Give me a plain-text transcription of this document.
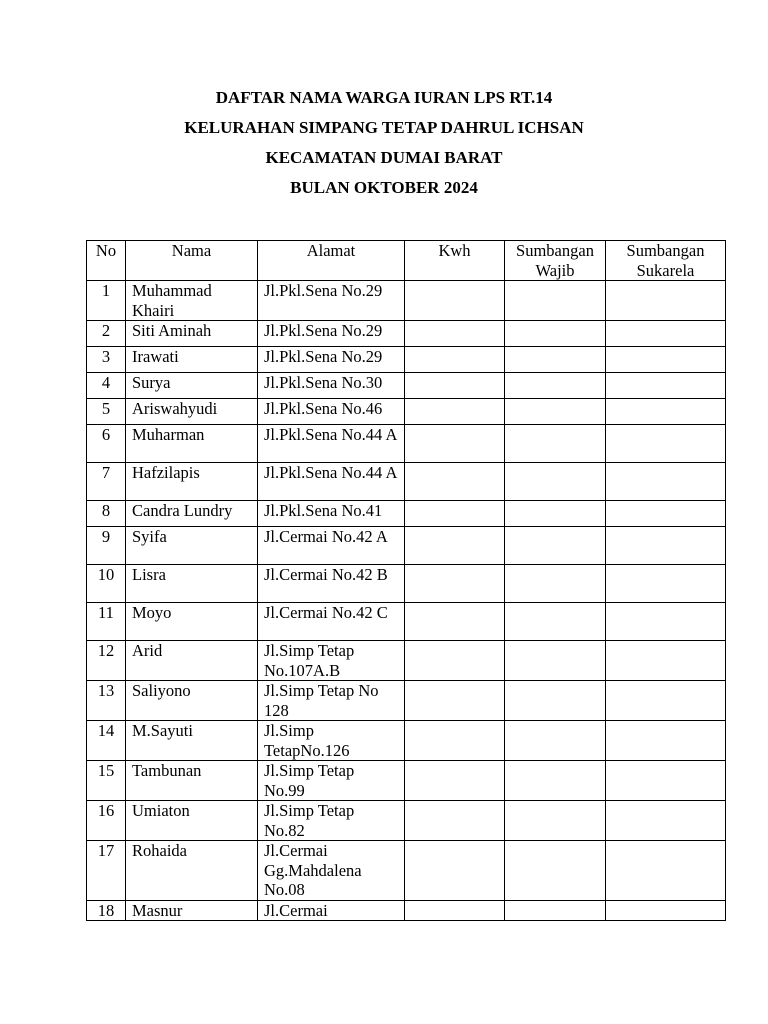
DAFTAR NAMA WARGA IURAN LPS RT.14
KELURAHAN SIMPANG TETAP DAHRUL ICHSAN
KECAMATAN DUMAI BARAT
BULAN OKTOBER 2024
No	Nama	Alamat	Kwh	Sumbangan Wajib	Sumbangan Sukarela
1	Muhammad Khairi	Jl.Pkl.Sena No.29			
2	Siti Aminah	Jl.Pkl.Sena No.29			
3	Irawati	Jl.Pkl.Sena No.29			
4	Surya	Jl.Pkl.Sena No.30			
5	Ariswahyudi	Jl.Pkl.Sena No.46			
6	Muharman	Jl.Pkl.Sena No.44 A			
7	Hafzilapis	Jl.Pkl.Sena No.44 A			
8	Candra Lundry	Jl.Pkl.Sena No.41			
9	Syifa	Jl.Cermai No.42 A			
10	Lisra	Jl.Cermai No.42 B			
11	Moyo	Jl.Cermai No.42 C			
12	Arid	Jl.Simp Tetap No.107A.B			
13	Saliyono	Jl.Simp Tetap No 128			
14	M.Sayuti	Jl.Simp TetapNo.126			
15	Tambunan	Jl.Simp Tetap No.99			
16	Umiaton	Jl.Simp Tetap No.82			
17	Rohaida	Jl.Cermai Gg.Mahdalena No.08			
18	Masnur	Jl.Cermai			
